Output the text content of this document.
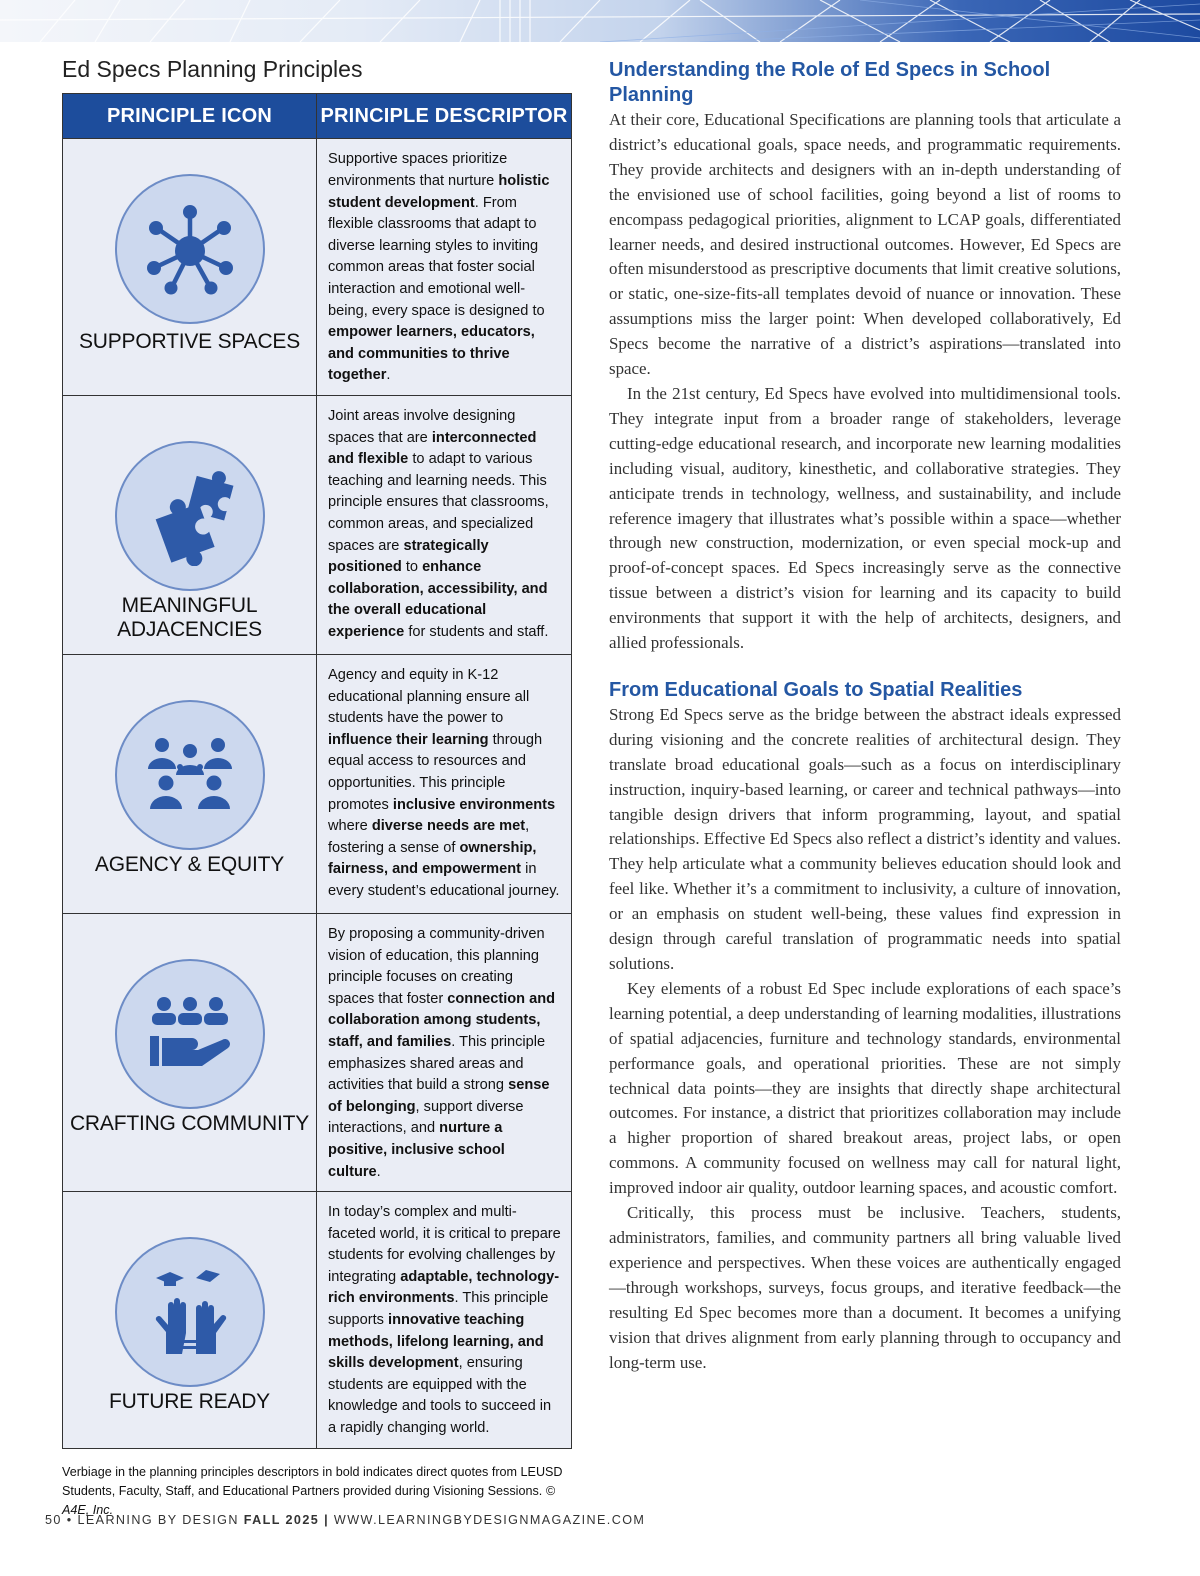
Ed Specs Planning Principles
PRINCIPLE ICON	PRINCIPLE DESCRIPTOR

SUPPORTIVE SPACES	Supportive spaces prioritize environments that nurture holistic student development. From flexible classrooms that adapt to diverse learning styles to inviting common areas that foster social interaction and emotional well-being, every space is designed to empower learners, educators, and communities to thrive together.

MEANINGFUL ADJACENCIES	Joint areas involve designing spaces that are interconnected and flexible to adapt to various teaching and learning needs. This principle ensures that classrooms, common areas, and specialized spaces are strategically positioned to enhance collaboration, accessibility, and the overall educational experience for students and staff.

AGENCY & EQUITY	Agency and equity in K-12 educational planning ensure all students have the power to influence their learning through equal access to resources and opportunities. This principle promotes inclusive environments where diverse needs are met, fostering a sense of ownership, fairness, and empowerment in every student’s educational journey.

CRAFTING COMMUNITY	By proposing a community-driven vision of education, this planning principle focuses on creating spaces that foster connection and collaboration among students, staff, and families. This principle emphasizes shared areas and activities that build a strong sense of belonging, support diverse interactions, and nurture a positive, inclusive school culture.

FUTURE READY	In today’s complex and multi-faceted world, it is critical to prepare students for evolving challenges by integrating adaptable, technology-rich environments. This principle supports innovative teaching methods, lifelong learning, and skills development, ensuring students are equipped with the knowledge and tools to succeed in a rapidly changing world.
Verbiage in the planning principles descriptors in bold indicates direct quotes from LEUSD Students, Faculty, Staff, and Educational Partners provided during Visioning Sessions. © A4E, Inc.
Understanding the Role of Ed Specs in School Planning

At their core, Educational Specifications are planning tools that articulate a district’s educational goals, space needs, and programmatic requirements. They provide architects and designers with an in-depth understanding of the envisioned use of school facilities, going beyond a list of rooms to encompass pedagogical priorities, alignment to LCAP goals, differentiated learner needs, and desired instructional outcomes. However, Ed Specs are often misunderstood as prescriptive documents that limit creative solutions, or static, one-size-fits-all templates devoid of nuance or innovation. These assumptions miss the larger point: When developed collaboratively, Ed Specs become the narrative of a district’s aspirations—translated into space.

In the 21st century, Ed Specs have evolved into multidimensional tools. They integrate input from a broader range of stakeholders, leverage cutting-edge educational research, and incorporate new learning modalities including visual, auditory, kinesthetic, and collaborative strategies. They anticipate trends in technology, wellness, and sustainability, and include reference imagery that illustrates what’s possible within a space—whether through new construction, modernization, or even special mock-up and proof-of-concept spaces. Ed Specs increasingly serve as the connective tissue between a district’s vision for learning and its capacity to build environments that support it with the help of architects, designers, and allied professionals.

From Educational Goals to Spatial Realities

Strong Ed Specs serve as the bridge between the abstract ideals expressed during visioning and the concrete realities of architectural design. They translate broad educational goals—such as a focus on interdisciplinary instruction, inquiry-based learning, or career and technical pathways—into tangible design drivers that inform programming, layout, and spatial relationships. Effective Ed Specs also reflect a district’s identity and values. They help articulate what a community believes education should look and feel like. Whether it’s a commitment to inclusivity, a culture of innovation, or an emphasis on student well-being, these values find expression in design through careful translation of programmatic needs into spatial solutions.

Key elements of a robust Ed Spec include explorations of each space’s learning potential, a deep understanding of learning modalities, illustrations of spatial adjacencies, furniture and technology standards, environmental performance goals, and operational priorities. These are not simply technical data points—they are insights that directly shape architectural outcomes. For instance, a district that prioritizes collaboration may include a higher proportion of shared breakout areas, project labs, or open commons. A community focused on wellness may call for natural light, improved indoor air quality, outdoor learning spaces, and acoustic comfort.

Critically, this process must be inclusive. Teachers, students, administrators, families, and community partners all bring valuable lived experience and perspectives. When these voices are authentically engaged—through workshops, surveys, focus groups, and iterative feedback—the resulting Ed Spec becomes more than a document. It becomes a unifying vision that drives alignment from early planning through to occupancy and long-term use.

50 • LEARNING BY DESIGN FALL 2025 | WWW.LEARNINGBYDESIGNMAGAZINE.COM
